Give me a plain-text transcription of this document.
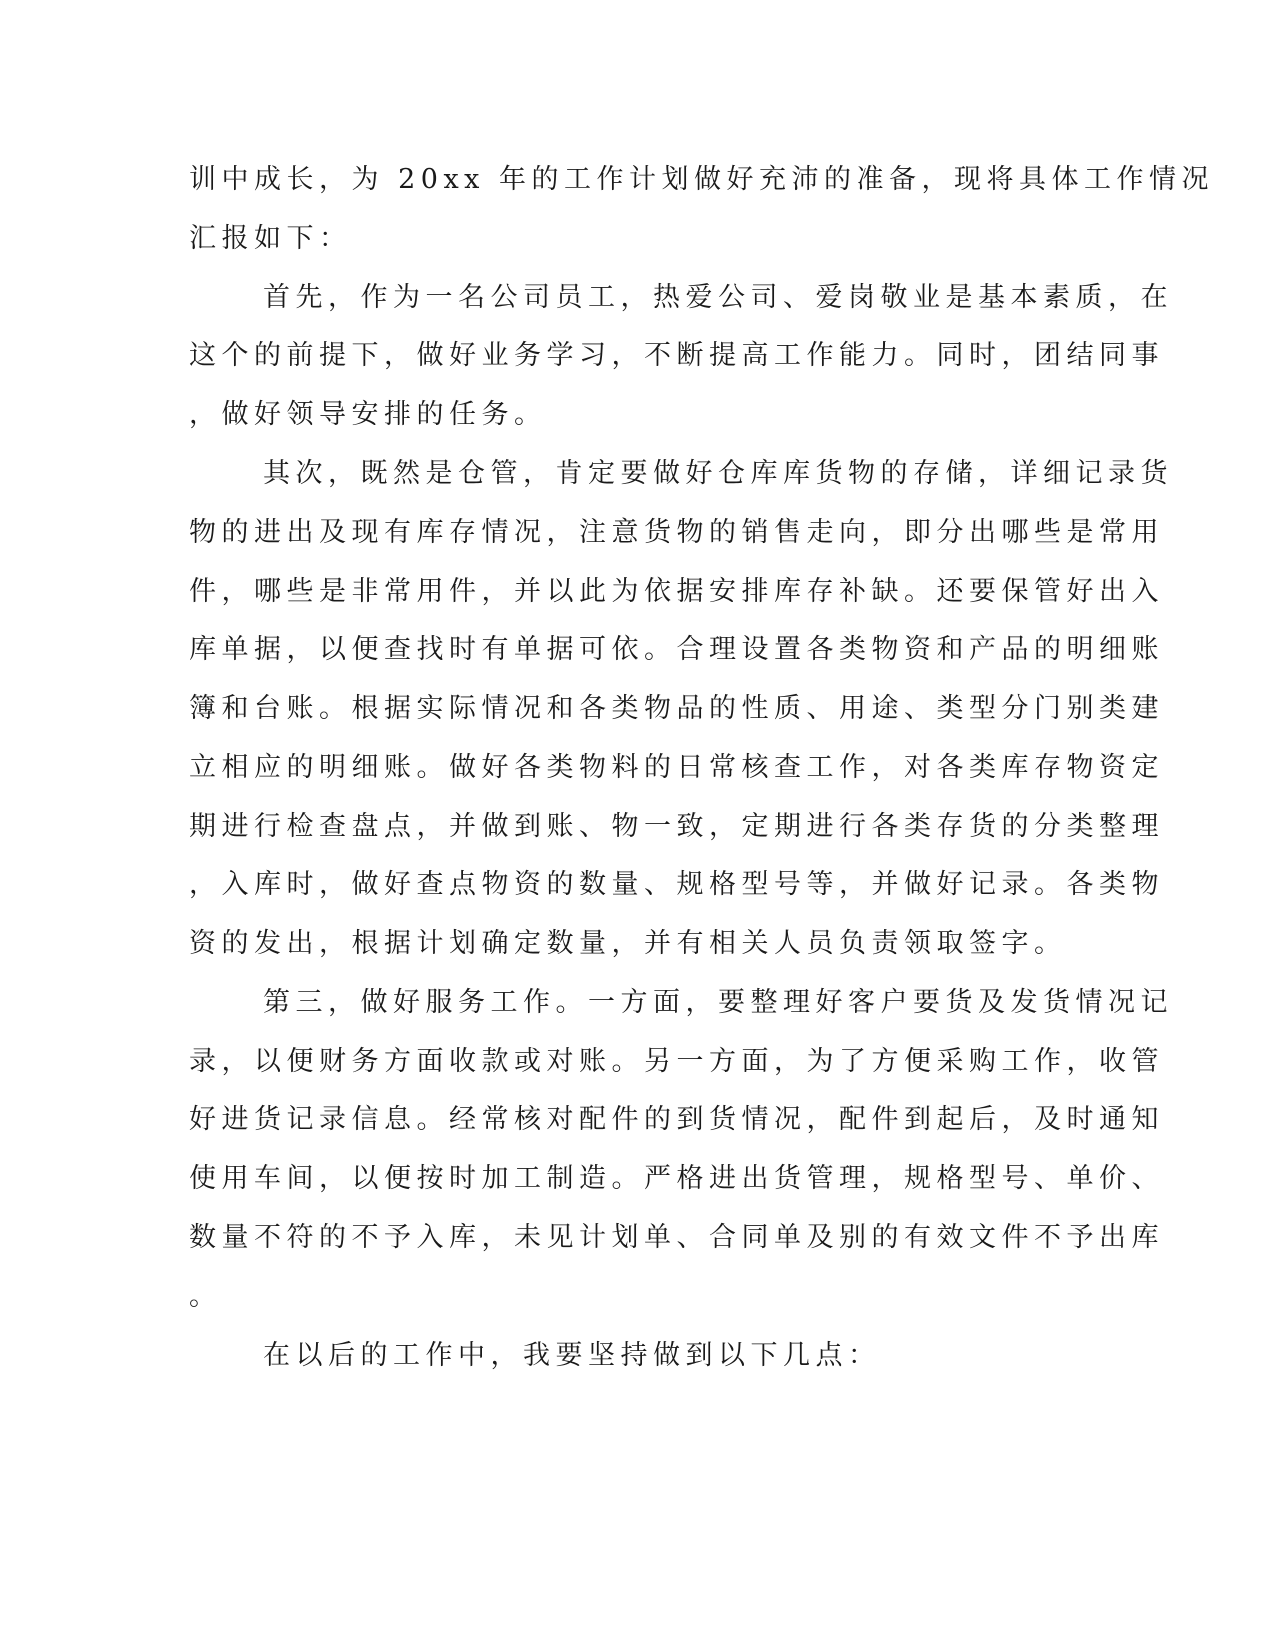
训中成长，为 20xx 年的工作计划做好充沛的准备，现将具体工作情况
汇报如下：
首先，作为一名公司员工，热爱公司、爱岗敬业是基本素质，在
这个的前提下，做好业务学习，不断提高工作能力。同时，团结同事
，做好领导安排的任务。
其次，既然是仓管，肯定要做好仓库库货物的存储，详细记录货
物的进出及现有库存情况，注意货物的销售走向，即分出哪些是常用
件，哪些是非常用件，并以此为依据安排库存补缺。还要保管好出入
库单据，以便查找时有单据可依。合理设置各类物资和产品的明细账
簿和台账。根据实际情况和各类物品的性质、用途、类型分门别类建
立相应的明细账。做好各类物料的日常核查工作，对各类库存物资定
期进行检查盘点，并做到账、物一致，定期进行各类存货的分类整理
，入库时，做好查点物资的数量、规格型号等，并做好记录。各类物
资的发出，根据计划确定数量，并有相关人员负责领取签字。
第三，做好服务工作。一方面，要整理好客户要货及发货情况记
录，以便财务方面收款或对账。另一方面，为了方便采购工作，收管
好进货记录信息。经常核对配件的到货情况，配件到起后，及时通知
使用车间，以便按时加工制造。严格进出货管理，规格型号、单价、
数量不符的不予入库，未见计划单、合同单及别的有效文件不予出库
。
在以后的工作中，我要坚持做到以下几点：
